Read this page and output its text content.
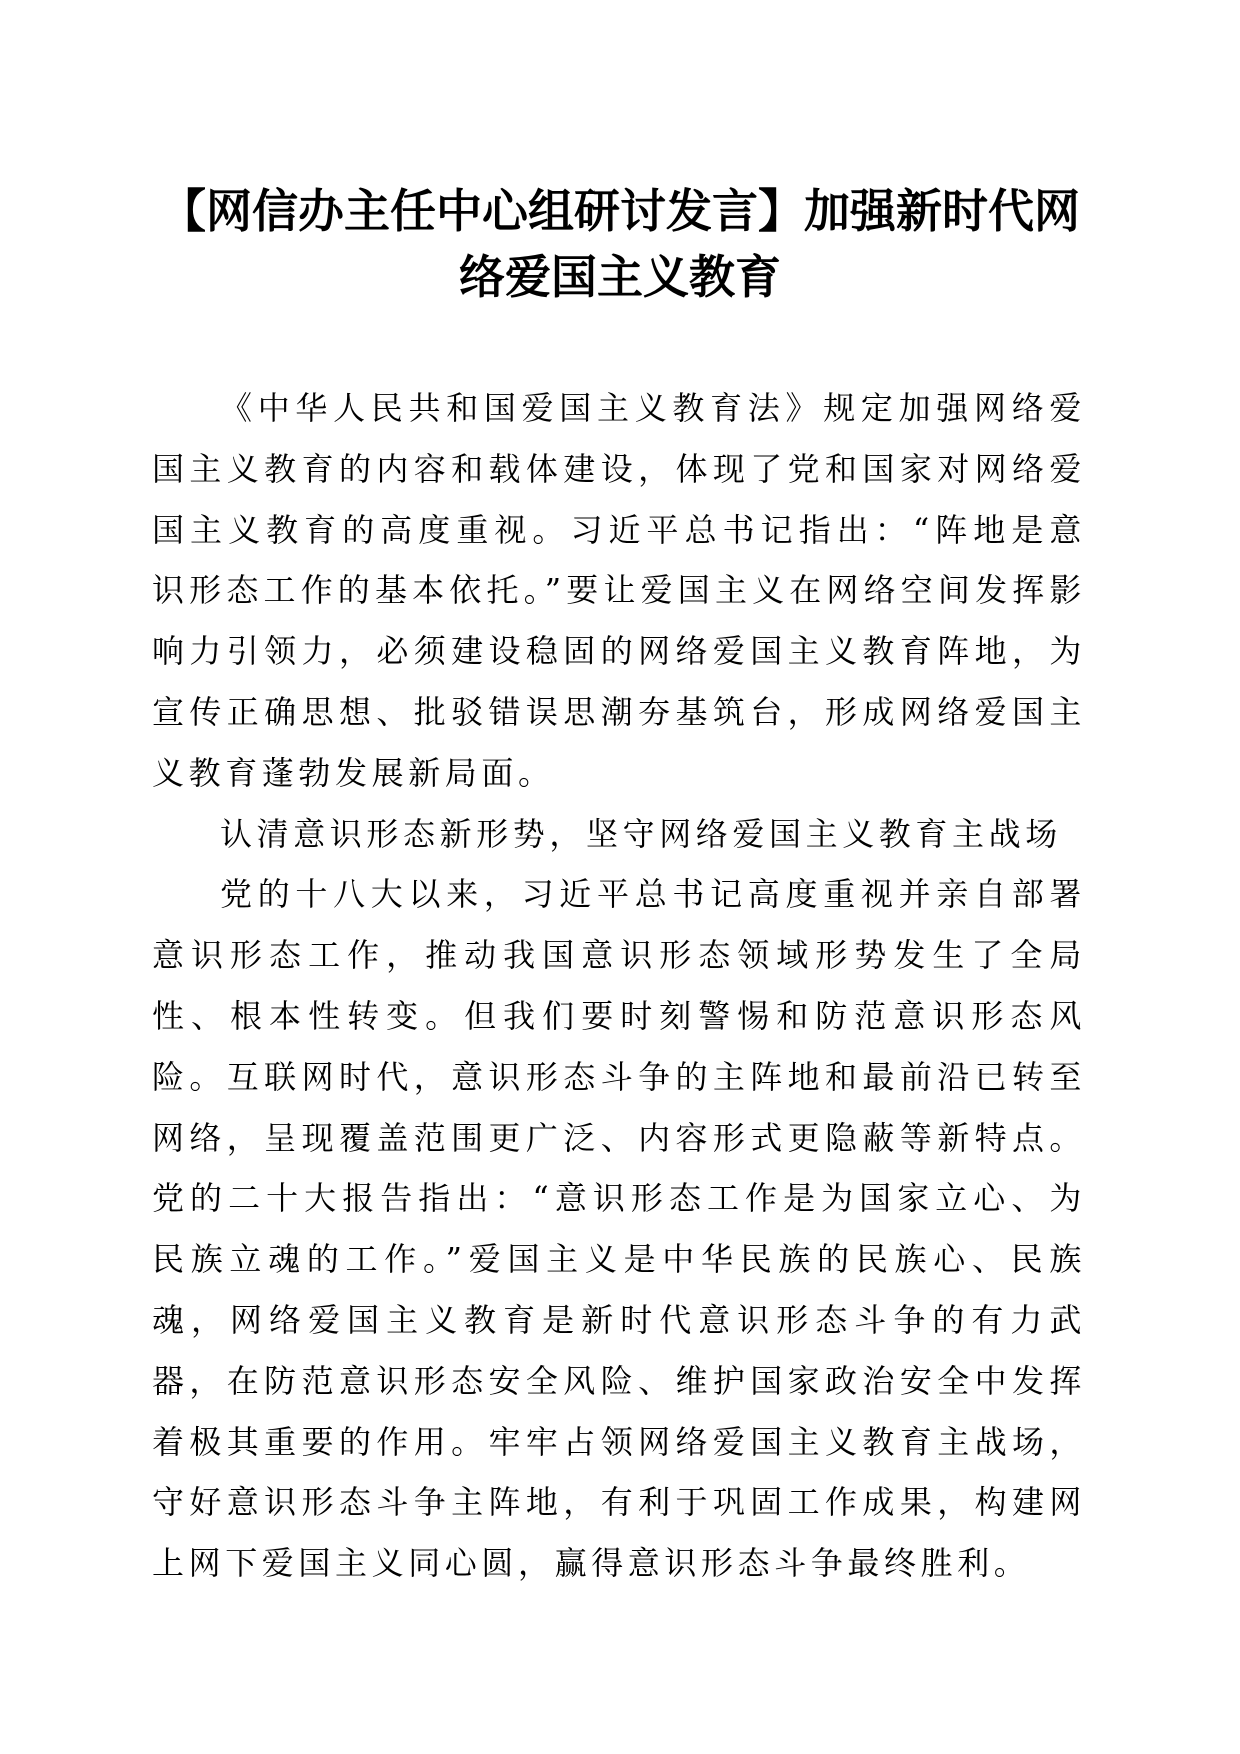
【网信办主任中心组研讨发言】加强新时代网
络爱国主义教育

《中华人民共和国爱国主义教育法》规定加强网络爱国主义教育的内容和载体建设，体现了党和国家对网络爱国主义教育的高度重视。习近平总书记指出：“阵地是意识形态工作的基本依托。”要让爱国主义在网络空间发挥影响力引领力，必须建设稳固的网络爱国主义教育阵地，为宣传正确思想、批驳错误思潮夯基筑台，形成网络爱国主义教育蓬勃发展新局面。

认清意识形态新形势，坚守网络爱国主义教育主战场

党的十八大以来，习近平总书记高度重视并亲自部署意识形态工作，推动我国意识形态领域形势发生了全局性、根本性转变。但我们要时刻警惕和防范意识形态风险。互联网时代，意识形态斗争的主阵地和最前沿已转至网络，呈现覆盖范围更广泛、内容形式更隐蔽等新特点。党的二十大报告指出：“意识形态工作是为国家立心、为民族立魂的工作。”爱国主义是中华民族的民族心、民族魂，网络爱国主义教育是新时代意识形态斗争的有力武器，在防范意识形态安全风险、维护国家政治安全中发挥着极其重要的作用。牢牢占领网络爱国主义教育主战场，守好意识形态斗争主阵地，有利于巩固工作成果，构建网上网下爱国主义同心圆，赢得意识形态斗争最终胜利。
